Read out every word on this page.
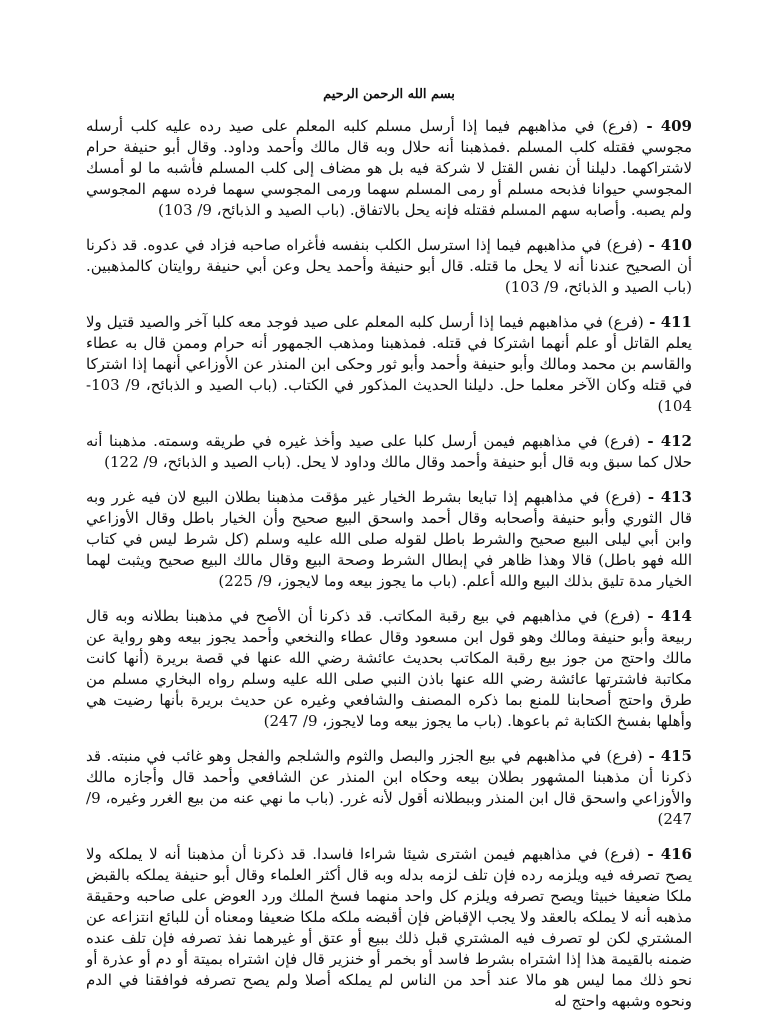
بسم الله الرحمن الرحيم

409 - (فرع) في مذاهبهم فيما إذا أرسل مسلم كلبه المعلم على صيد رده عليه كلب أرسله مجوسي فقتله كلب المسلم .فمذهبنا أنه حلال وبه قال مالك وأحمد وداود. وقال أبو حنيفة حرام لاشتراكهما. دليلنا أن نفس القتل لا شركة فيه بل هو مضاف إلى كلب المسلم فأشبه ما لو أمسك المجوسي حيوانا فذبحه مسلم أو رمى المسلم سهما ورمى المجوسي سهما فرده سهم المجوسي ولم يصبه. وأصابه سهم المسلم فقتله فإنه يحل بالاتفاق. (باب الصيد و الذبائح، 9/ 103)

410 - (فرع) في مذاهبهم فيما إذا استرسل الكلب بنفسه فأغراه صاحبه فزاد في عدوه. قد ذكرنا أن الصحيح عندنا أنه لا يحل ما قتله. قال أبو حنيفة وأحمد يحل وعن أبي حنيفة روايتان كالمذهبين. (باب الصيد و الذبائح، 9/ 103)

411 - (فرع) في مذاهبهم فيما إذا أرسل كلبه المعلم على صيد فوجد معه كلبا آخر والصيد قتيل ولا يعلم القاتل أو علم أنهما اشتركا في قتله. فمذهبنا ومذهب الجمهور أنه حرام وممن قال به عطاء والقاسم بن محمد ومالك وأبو حنيفة وأحمد وأبو ثور وحكى ابن المنذر عن الأوزاعي أنهما إذا اشتركا في قتله وكان الآخر معلما حل. دليلنا الحديث المذكور في الكتاب. (باب الصيد و الذبائح، 9/ 103-104)

412 - (فرع) في مذاهبهم فيمن أرسل كلبا على صيد وأخذ غيره في طريقه وسمته. مذهبنا أنه حلال كما سبق وبه قال أبو حنيفة وأحمد وقال مالك وداود لا يحل. (باب الصيد و الذبائح، 9/ 122)

413 - (فرع) في مذاهبهم إذا تبايعا بشرط الخيار غير مؤقت مذهبنا بطلان البيع لان فيه غرر وبه قال الثوري وأبو حنيفة وأصحابه وقال أحمد واسحق البيع صحيح وأن الخيار باطل وقال الأوزاعي وابن أبي ليلى البيع صحيح والشرط باطل لقوله صلى الله عليه وسلم (كل شرط ليس في كتاب الله فهو باطل) قالا وهذا ظاهر في إبطال الشرط وصحة البيع وقال مالك البيع صحيح ويثبت لهما الخيار مدة تليق بذلك البيع والله أعلم. (باب ما يجوز بيعه وما لايجوز، 9/ 225)

414 - (فرع) في مذاهبهم في بيع رقبة المكاتب. قد ذكرنا أن الأصح في مذهبنا بطلانه وبه قال ربيعة وأبو حنيفة ومالك وهو قول ابن مسعود وقال عطاء والنخعي وأحمد يجوز بيعه وهو رواية عن مالك واحتج من جوز بيع رقبة المكاتب بحديث عائشة رضي الله عنها في قصة بريرة (أنها كانت مكاتبة فاشترتها عائشة رضي الله عنها باذن النبي صلى الله عليه وسلم رواه البخاري مسلم من طرق واحتج أصحابنا للمنع بما ذكره المصنف والشافعي وغيره عن حديث بريرة بأنها رضيت هي وأهلها بفسخ الكتابة ثم باعوها. (باب ما يجوز بيعه وما لايجوز، 9/ 247)

415 - (فرع) في مذاهبهم في بيع الجزر والبصل والثوم والشلجم والفجل وهو غائب في منبته. قد ذكرنا أن مذهبنا المشهور بطلان بيعه وحكاه ابن المنذر عن الشافعي وأحمد قال وأجازه مالك والأوزاعي واسحق قال ابن المنذر وببطلانه أقول لأنه غرر. (باب ما نهي عنه من بيع الغرر وغيره، 9/ 247)

416 - (فرع) في مذاهبهم فيمن اشترى شيئا شراءا فاسدا. قد ذكرنا أن مذهبنا أنه لا يملكه ولا يصح تصرفه فيه ويلزمه رده فإن تلف لزمه بدله وبه قال أكثر العلماء وقال أبو حنيفة يملكه بالقبض ملكا ضعيفا خبيثا ويصح تصرفه ويلزم كل واحد منهما فسخ الملك ورد العوض على صاحبه وحقيقة مذهبه أنه لا يملكه بالعقد ولا يجب الإقباض فإن أقبضه ملكه ملكا ضعيفا ومعناه أن للبائع انتزاعه عن المشتري لكن لو تصرف فيه المشتري قبل ذلك ببيع أو عتق أو غيرهما نفذ تصرفه فإن تلف عنده ضمنه بالقيمة هذا إذا اشتراه بشرط فاسد أو بخمر أو خنزير قال فإن اشتراه بميتة أو دم أو عذرة أو نحو ذلك مما ليس هو مالا عند أحد من الناس لم يملكه أصلا ولم يصح تصرفه فوافقنا في الدم ونحوه وشبهه واحتج له
